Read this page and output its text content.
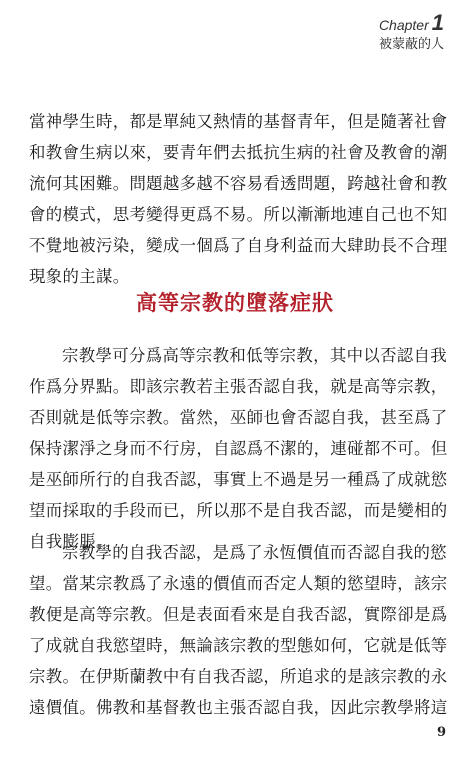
Chapter 1
被蒙蔽的人
當神學生時，都是單純又熱情的基督青年，但是隨著社會
和教會生病以來，要青年們去抵抗生病的社會及教會的潮
流何其困難。問題越多越不容易看透問題，跨越社會和教
會的模式，思考變得更爲不易。所以漸漸地連自己也不知
不覺地被污染，變成一個爲了自身利益而大肆助長不合理
現象的主謀。
高等宗教的墮落症狀
宗教學可分爲高等宗教和低等宗教，其中以否認自我
作爲分界點。即該宗教若主張否認自我，就是高等宗教，
否則就是低等宗教。當然，巫師也會否認自我，甚至爲了
保持潔淨之身而不行房，自認爲不潔的，連碰都不可。但
是巫師所行的自我否認，事實上不過是另一種爲了成就慾
望而採取的手段而已，所以那不是自我否認，而是變相的
自我膨脹。
宗教學的自我否認，是爲了永恆價值而否認自我的慾
望。當某宗教爲了永遠的價值而否定人類的慾望時，該宗
教便是高等宗教。但是表面看來是自我否認，實際卻是爲
了成就自我慾望時，無論該宗教的型態如何，它就是低等
宗教。在伊斯蘭教中有自我否認，所追求的是該宗教的永
遠價值。佛教和基督教也主張否認自我，因此宗教學將這
9
